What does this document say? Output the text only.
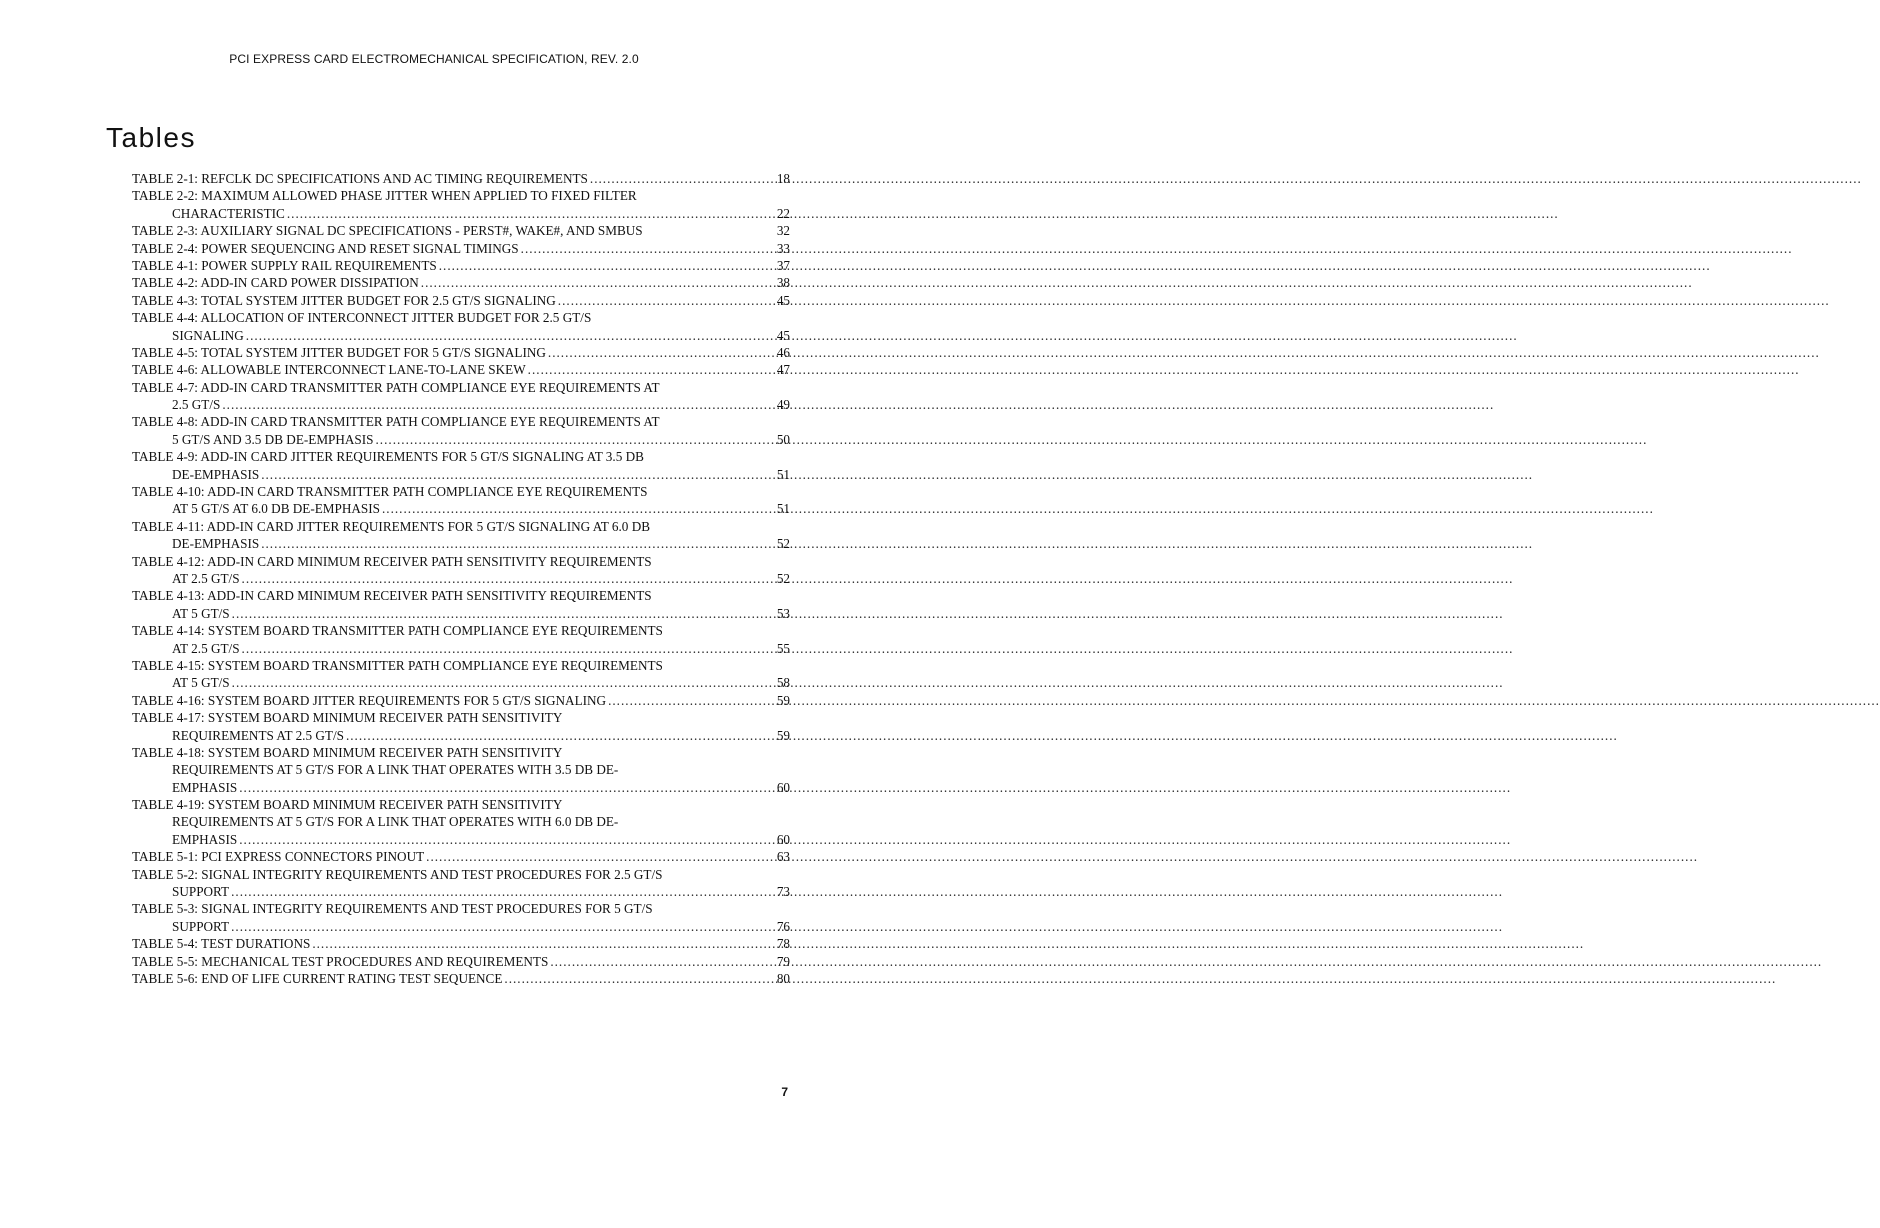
PCI EXPRESS CARD ELECTROMECHANICAL SPECIFICATION, REV. 2.0
Tables
TABLE 2-1: REFCLK DC SPECIFICATIONS AND AC TIMING REQUIREMENTS .....	18
TABLE 2-2: MAXIMUM ALLOWED PHASE JITTER WHEN APPLIED TO FIXED FILTER
CHARACTERISTIC .....	22
TABLE 2-3: AUXILIARY SIGNAL DC SPECIFICATIONS - PERST#, WAKE#, AND SMBUS	32
TABLE 2-4: POWER SEQUENCING AND RESET SIGNAL TIMINGS .....	33
TABLE 4-1: POWER SUPPLY RAIL REQUIREMENTS .....	37
TABLE 4-2: ADD-IN CARD POWER DISSIPATION .....	38
TABLE 4-3: TOTAL SYSTEM JITTER BUDGET FOR 2.5 GT/S SIGNALING .....	45
TABLE 4-4: ALLOCATION OF INTERCONNECT JITTER BUDGET FOR 2.5 GT/S
SIGNALING .....	45
TABLE 4-5: TOTAL SYSTEM JITTER BUDGET FOR 5 GT/S SIGNALING .....	46
TABLE 4-6: ALLOWABLE INTERCONNECT LANE-TO-LANE SKEW .....	47
TABLE 4-7: ADD-IN CARD TRANSMITTER PATH COMPLIANCE EYE REQUIREMENTS AT
2.5 GT/S .....	49
TABLE 4-8: ADD-IN CARD TRANSMITTER PATH COMPLIANCE EYE REQUIREMENTS AT
5 GT/S AND 3.5 DB DE-EMPHASIS .....	50
TABLE 4-9: ADD-IN CARD JITTER REQUIREMENTS FOR 5 GT/S SIGNALING AT 3.5 DB
DE-EMPHASIS .....	51
TABLE 4-10: ADD-IN CARD TRANSMITTER PATH COMPLIANCE EYE REQUIREMENTS
AT 5 GT/S AT 6.0 DB DE-EMPHASIS .....	51
TABLE 4-11: ADD-IN CARD JITTER REQUIREMENTS FOR 5 GT/S SIGNALING AT 6.0 DB
DE-EMPHASIS .....	52
TABLE 4-12: ADD-IN CARD MINIMUM RECEIVER PATH SENSITIVITY REQUIREMENTS
AT 2.5 GT/S .....	52
TABLE 4-13: ADD-IN CARD MINIMUM RECEIVER PATH SENSITIVITY REQUIREMENTS
AT 5 GT/S .....	53
TABLE 4-14: SYSTEM BOARD TRANSMITTER PATH COMPLIANCE EYE REQUIREMENTS
AT 2.5 GT/S .....	55
TABLE 4-15: SYSTEM BOARD TRANSMITTER PATH COMPLIANCE EYE REQUIREMENTS
AT 5 GT/S .....	58
TABLE 4-16: SYSTEM BOARD JITTER REQUIREMENTS FOR 5 GT/S SIGNALING .....	59
TABLE 4-17: SYSTEM BOARD MINIMUM RECEIVER PATH SENSITIVITY
REQUIREMENTS AT 2.5 GT/S .....	59
TABLE 4-18: SYSTEM BOARD MINIMUM RECEIVER PATH SENSITIVITY
REQUIREMENTS AT 5 GT/S FOR A LINK THAT OPERATES WITH 3.5 DB DE-
EMPHASIS .....	60
TABLE 4-19: SYSTEM BOARD MINIMUM RECEIVER PATH SENSITIVITY
REQUIREMENTS AT 5 GT/S FOR A LINK THAT OPERATES WITH 6.0 DB DE-
EMPHASIS .....	60
TABLE 5-1: PCI EXPRESS CONNECTORS PINOUT .....	63
TABLE 5-2: SIGNAL INTEGRITY REQUIREMENTS AND TEST PROCEDURES FOR 2.5 GT/S
SUPPORT .....	73
TABLE 5-3: SIGNAL INTEGRITY REQUIREMENTS AND TEST PROCEDURES FOR 5 GT/S
SUPPORT .....	76
TABLE 5-4: TEST DURATIONS .....	78
TABLE 5-5: MECHANICAL TEST PROCEDURES AND REQUIREMENTS .....	79
TABLE 5-6: END OF LIFE CURRENT RATING TEST SEQUENCE .....	80
7
